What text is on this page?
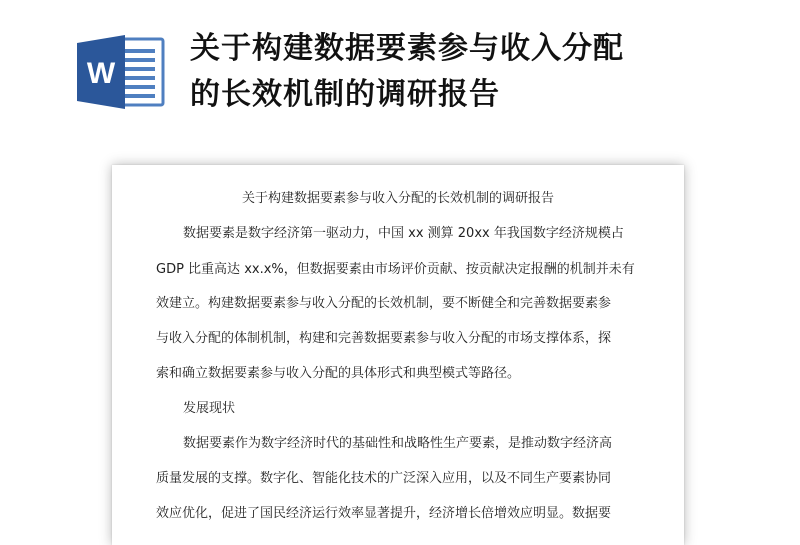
W
关于构建数据要素参与收入分配
的长效机制的调研报告
关于构建数据要素参与收入分配的长效机制的调研报告
数据要素是数字经济第一驱动力，中国 xx 测算 20xx 年我国数字经济规模占
GDP 比重高达 xx.x%，但数据要素由市场评价贡献、按贡献决定报酬的机制并未有
效建立。构建数据要素参与收入分配的长效机制，要不断健全和完善数据要素参
与收入分配的体制机制，构建和完善数据要素参与收入分配的市场支撑体系，探
索和确立数据要素参与收入分配的具体形式和典型模式等路径。
发展现状
数据要素作为数字经济时代的基础性和战略性生产要素，是推动数字经济高
质量发展的支撑。数字化、智能化技术的广泛深入应用，以及不同生产要素协同
效应优化，促进了国民经济运行效率显著提升，经济增长倍增效应明显。数据要
